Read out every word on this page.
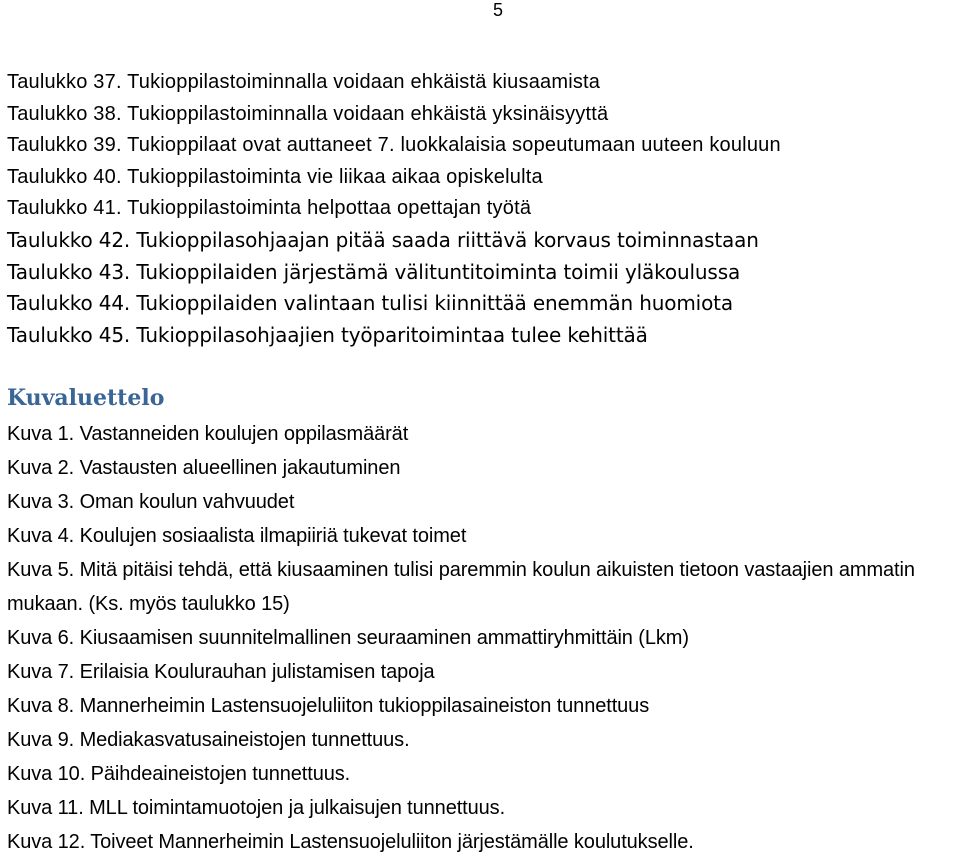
5
Taulukko 37. Tukioppilastoiminnalla voidaan ehkäistä kiusaamista
Taulukko 38. Tukioppilastoiminnalla voidaan ehkäistä yksinäisyyttä
Taulukko 39. Tukioppilaat ovat auttaneet 7. luokkalaisia sopeutumaan uuteen kouluun
Taulukko 40. Tukioppilastoiminta vie liikaa aikaa opiskelulta
Taulukko 41. Tukioppilastoiminta helpottaa opettajan työtä
Taulukko 42. Tukioppilasohjaajan pitää saada riittävä korvaus toiminnastaan
Taulukko 43. Tukioppilaiden järjestämä välituntitoiminta toimii yläkoulussa
Taulukko 44. Tukioppilaiden valintaan tulisi kiinnittää enemmän huomiota
Taulukko 45. Tukioppilasohjaajien työparitoimintaa tulee kehittää
Kuvaluettelo
Kuva 1. Vastanneiden koulujen oppilasmäärät
Kuva 2. Vastausten alueellinen jakautuminen
Kuva 3. Oman koulun vahvuudet
Kuva 4. Koulujen sosiaalista ilmapiiriä tukevat toimet
Kuva 5. Mitä pitäisi tehdä, että kiusaaminen tulisi paremmin koulun aikuisten tietoon vastaajien ammatin mukaan. (Ks. myös taulukko 15)
Kuva 6. Kiusaamisen suunnitelmallinen seuraaminen ammattiryhmittäin (Lkm)
Kuva 7. Erilaisia Koulurauhan julistamisen tapoja
Kuva 8. Mannerheimin Lastensuojeluliiton tukioppilasaineiston tunnettuus
Kuva 9. Mediakasvatusaineistojen tunnettuus.
Kuva 10. Päihdeaineistojen tunnettuus.
Kuva 11. MLL toimintamuotojen ja julkaisujen tunnettuus.
Kuva 12. Toiveet Mannerheimin Lastensuojeluliiton järjestämälle koulutukselle.
